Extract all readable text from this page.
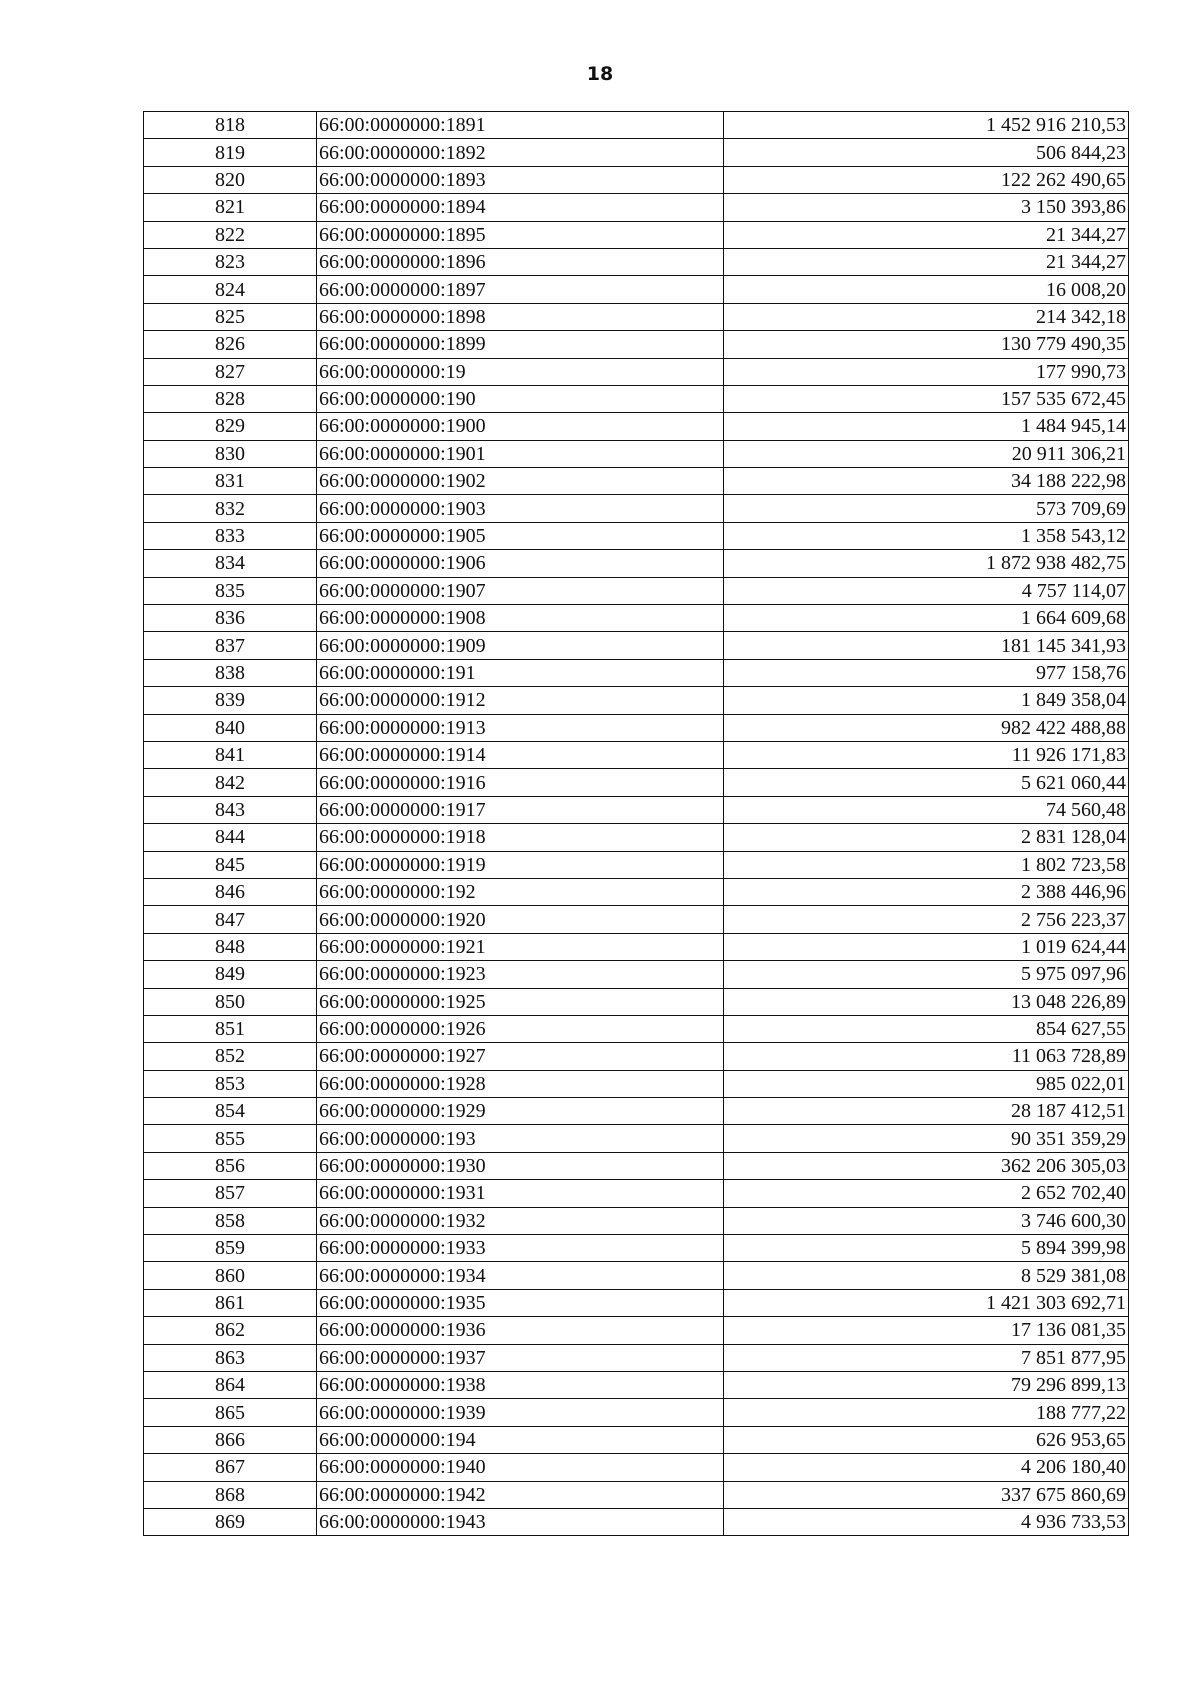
18
818	66:00:0000000:1891	1 452 916 210,53
819	66:00:0000000:1892	506 844,23
820	66:00:0000000:1893	122 262 490,65
821	66:00:0000000:1894	3 150 393,86
822	66:00:0000000:1895	21 344,27
823	66:00:0000000:1896	21 344,27
824	66:00:0000000:1897	16 008,20
825	66:00:0000000:1898	214 342,18
826	66:00:0000000:1899	130 779 490,35
827	66:00:0000000:19	177 990,73
828	66:00:0000000:190	157 535 672,45
829	66:00:0000000:1900	1 484 945,14
830	66:00:0000000:1901	20 911 306,21
831	66:00:0000000:1902	34 188 222,98
832	66:00:0000000:1903	573 709,69
833	66:00:0000000:1905	1 358 543,12
834	66:00:0000000:1906	1 872 938 482,75
835	66:00:0000000:1907	4 757 114,07
836	66:00:0000000:1908	1 664 609,68
837	66:00:0000000:1909	181 145 341,93
838	66:00:0000000:191	977 158,76
839	66:00:0000000:1912	1 849 358,04
840	66:00:0000000:1913	982 422 488,88
841	66:00:0000000:1914	11 926 171,83
842	66:00:0000000:1916	5 621 060,44
843	66:00:0000000:1917	74 560,48
844	66:00:0000000:1918	2 831 128,04
845	66:00:0000000:1919	1 802 723,58
846	66:00:0000000:192	2 388 446,96
847	66:00:0000000:1920	2 756 223,37
848	66:00:0000000:1921	1 019 624,44
849	66:00:0000000:1923	5 975 097,96
850	66:00:0000000:1925	13 048 226,89
851	66:00:0000000:1926	854 627,55
852	66:00:0000000:1927	11 063 728,89
853	66:00:0000000:1928	985 022,01
854	66:00:0000000:1929	28 187 412,51
855	66:00:0000000:193	90 351 359,29
856	66:00:0000000:1930	362 206 305,03
857	66:00:0000000:1931	2 652 702,40
858	66:00:0000000:1932	3 746 600,30
859	66:00:0000000:1933	5 894 399,98
860	66:00:0000000:1934	8 529 381,08
861	66:00:0000000:1935	1 421 303 692,71
862	66:00:0000000:1936	17 136 081,35
863	66:00:0000000:1937	7 851 877,95
864	66:00:0000000:1938	79 296 899,13
865	66:00:0000000:1939	188 777,22
866	66:00:0000000:194	626 953,65
867	66:00:0000000:1940	4 206 180,40
868	66:00:0000000:1942	337 675 860,69
869	66:00:0000000:1943	4 936 733,53
